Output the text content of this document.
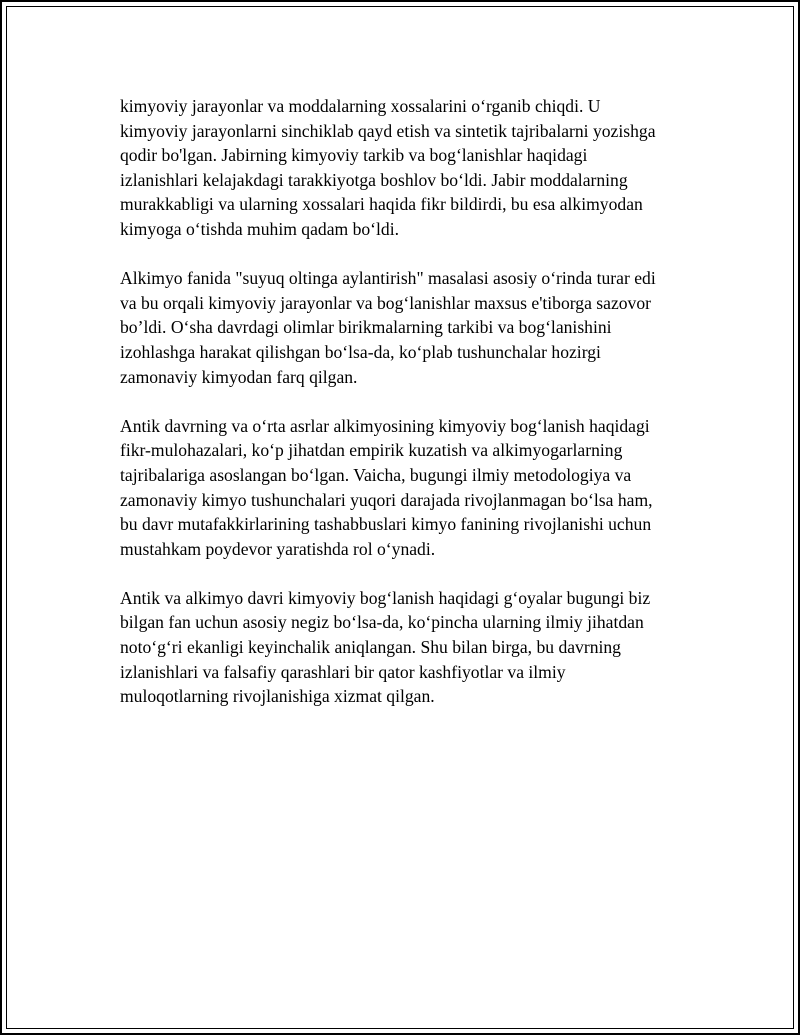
kimyoviy jarayonlar va moddalarning xossalarini o‘rganib chiqdi. U
kimyoviy jarayonlarni sinchiklab qayd etish va sintetik tajribalarni yozishga
qodir bo'lgan. Jabirning kimyoviy tarkib va bog‘lanishlar haqidagi
izlanishlari kelajakdagi tarakkiyotga boshlov bo‘ldi. Jabir moddalarning
murakkabligi va ularning xossalari haqida fikr bildirdi, bu esa alkimyodan
kimyoga o‘tishda muhim qadam bo‘ldi.

Alkimyo fanida "suyuq oltinga aylantirish" masalasi asosiy o‘rinda turar edi
va bu orqali kimyoviy jarayonlar va bog‘lanishlar maxsus e'tiborga sazovor
bo’ldi. O‘sha davrdagi olimlar birikmalarning tarkibi va bog‘lanishini
izohlashga harakat qilishgan bo‘lsa-da, ko‘plab tushunchalar hozirgi
zamonaviy kimyodan farq qilgan.

Antik davrning va o‘rta asrlar alkimyosining kimyoviy bog‘lanish haqidagi
fikr-mulohazalari, ko‘p jihatdan empirik kuzatish va alkimyogarlarning
tajribalariga asoslangan bo‘lgan. Vaicha, bugungi ilmiy metodologiya va
zamonaviy kimyo tushunchalari yuqori darajada rivojlanmagan bo‘lsa ham,
bu davr mutafakkirlarining tashabbuslari kimyo fanining rivojlanishi uchun
mustahkam poydevor yaratishda rol o‘ynadi.

Antik va alkimyo davri kimyoviy bog‘lanish haqidagi g‘oyalar bugungi biz
bilgan fan uchun asosiy negiz bo‘lsa-da, ko‘pincha ularning ilmiy jihatdan
noto‘g‘ri ekanligi keyinchalik aniqlangan. Shu bilan birga, bu davrning
izlanishlari va falsafiy qarashlari bir qator kashfiyotlar va ilmiy
muloqotlarning rivojlanishiga xizmat qilgan.
